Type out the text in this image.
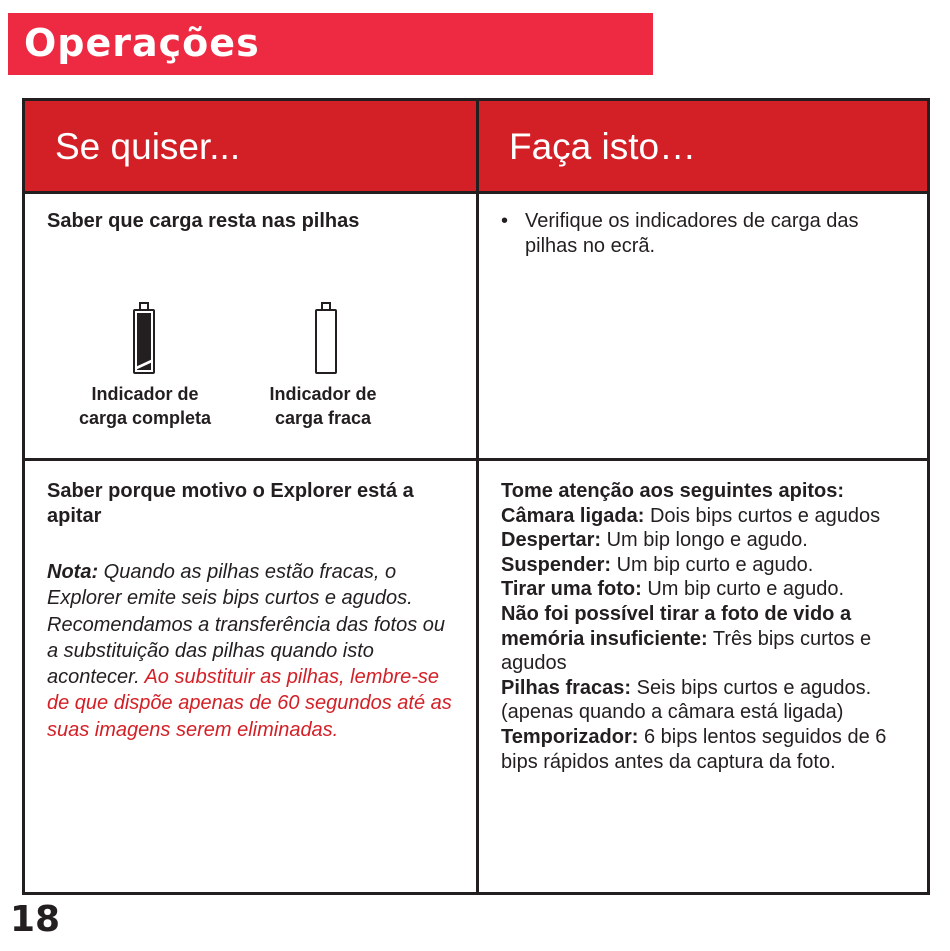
Operações
Se quiser...	Faça isto…
Saber que carga resta nas pilhas
Indicador de
carga completa
Indicador de
carga fraca
• Verifique os indicadores de carga das pilhas no ecrã.
Saber porque motivo o Explorer está a apitar
Nota: Quando as pilhas estão fracas, o Explorer emite seis bips curtos e agudos. Recomendamos a transferência das fotos ou a substituição das pilhas quando isto acontecer. Ao substituir as pilhas, lembre-se de que dispõe apenas de 60 segundos até as suas imagens serem eliminadas.
Tome atenção aos seguintes apitos:
Câmara ligada: Dois bips curtos e agudos
Despertar: Um bip longo e agudo.
Suspender: Um bip curto e agudo.
Tirar uma foto: Um bip curto e agudo.
Não foi possível tirar a foto de vido a memória insuficiente: Três bips curtos e agudos
Pilhas fracas: Seis bips curtos e agudos.(apenas quando a câmara está ligada)
Temporizador: 6 bips lentos seguidos de 6 bips rápidos antes da captura da foto.
18
